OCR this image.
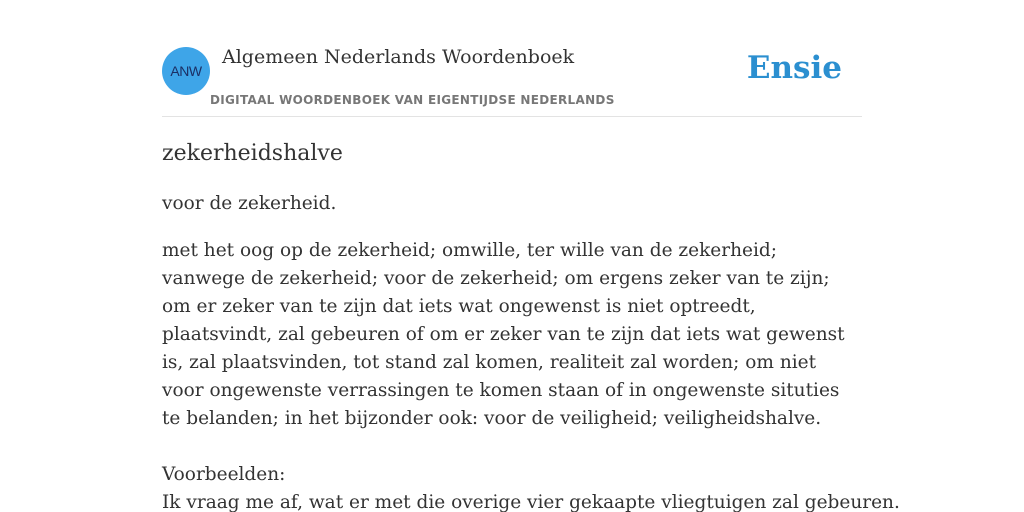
ANW
Algemeen Nederlands Woordenboek
DIGITAAL WOORDENBOEK VAN EIGENTIJDSE NEDERLANDS
Ensie
zekerheidshalve

voor de zekerheid.

met het oog op de zekerheid; omwille, ter wille van de zekerheid; vanwege de zekerheid; voor de zekerheid; om ergens zeker van te zijn; om er zeker van te zijn dat iets wat ongewenst is niet optreedt, plaatsvindt, zal gebeuren of om er zeker van te zijn dat iets wat gewenst is, zal plaatsvinden, tot stand zal komen, realiteit zal worden; om niet voor ongewenste verrassingen te komen staan of in ongewenste situties te belanden; in het bijzonder ook: voor de veiligheid; veiligheidshalve.

Voorbeelden:

Ik vraag me af, wat er met die overige vier gekaapte vliegtuigen zal gebeuren.
